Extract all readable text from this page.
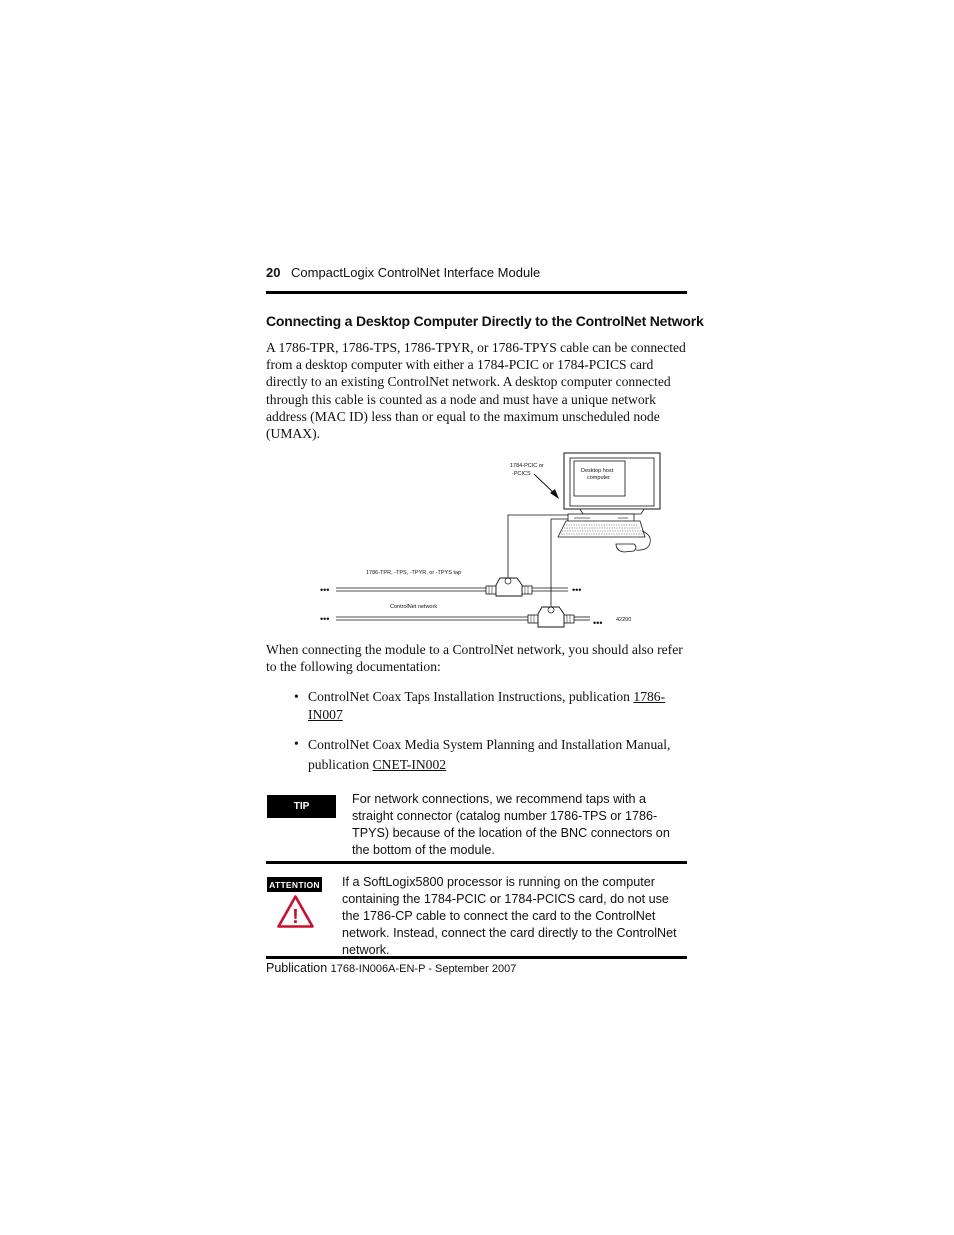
20 CompactLogix ControlNet Interface Module
Connecting a Desktop Computer Directly to the ControlNet Network

A 1786-TPR, 1786-TPS, 1786-TPYR, or 1786-TPYS cable can be connected from a desktop computer with either a 1784-PCIC or 1784-PCICS card directly to an existing ControlNet network. A desktop computer connected through this cable is counted as a node and must have a unique network address (MAC ID) less than or equal to the maximum unscheduled node (UMAX).

Desktop host
computer
1784-PCIC or
-PCICS
•••	•••
1786-TPR, -TPS, -TPYR, or -TPYS tap
•••	•••
ControlNet network
42200

When connecting the module to a ControlNet network, you should also refer to the following documentation:

• ControlNet Coax Taps Installation Instructions, publication 1786-IN007
• ControlNet Coax Media System Planning and Installation Manual, publication CNET-IN002
TIP
For network connections, we recommend taps with a straight connector (catalog number 1786-TPS or 1786-TPYS) because of the location of the BNC connectors on the bottom of the module.
ATTENTION
!
If a SoftLogix5800 processor is running on the computer containing the 1784-PCIC or 1784-PCICS card, do not use the 1786-CP cable to connect the card to the ControlNet network. Instead, connect the card directly to the ControlNet network.
Publication 1768-IN006A-EN-P - September 2007
